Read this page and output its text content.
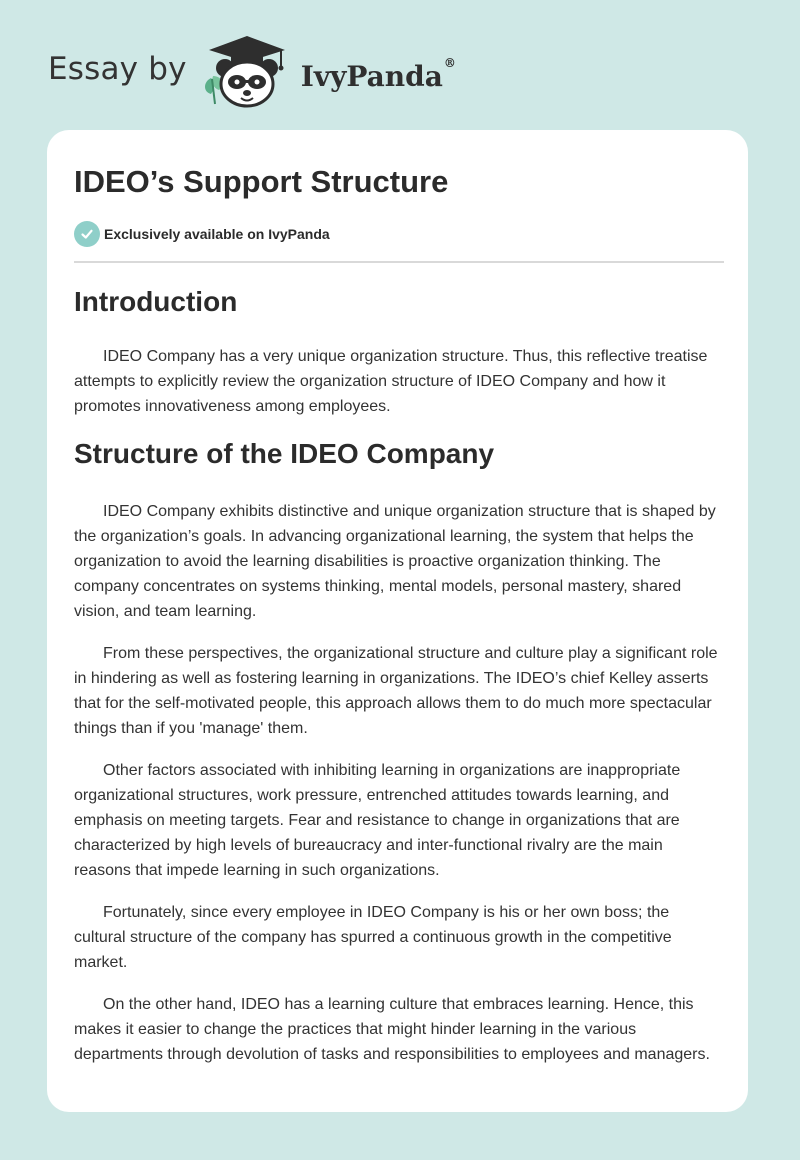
Essay by	IvyPanda®
IDEO’s Support Structure
Exclusively available on IvyPanda
Introduction

IDEO Company has a very unique organization structure. Thus, this reflective treatise attempts to explicitly review the organization structure of IDEO Company and how it promotes innovativeness among employees.

Structure of the IDEO Company

IDEO Company exhibits distinctive and unique organization structure that is shaped by the organization’s goals. In advancing organizational learning, the system that helps the organization to avoid the learning disabilities is proactive organization thinking. The company concentrates on systems thinking, mental models, personal mastery, shared vision, and team learning.

From these perspectives, the organizational structure and culture play a significant role in hindering as well as fostering learning in organizations. The IDEO’s chief Kelley asserts that for the self-motivated people, this approach allows them to do much more spectacular things than if you 'manage' them.

Other factors associated with inhibiting learning in organizations are inappropriate organizational structures, work pressure, entrenched attitudes towards learning, and emphasis on meeting targets. Fear and resistance to change in organizations that are characterized by high levels of bureaucracy and inter-functional rivalry are the main reasons that impede learning in such organizations.

Fortunately, since every employee in IDEO Company is his or her own boss; the cultural structure of the company has spurred a continuous growth in the competitive market.

On the other hand, IDEO has a learning culture that embraces learning. Hence, this makes it easier to change the practices that might hinder learning in the various departments through devolution of tasks and responsibilities to employees and managers.
